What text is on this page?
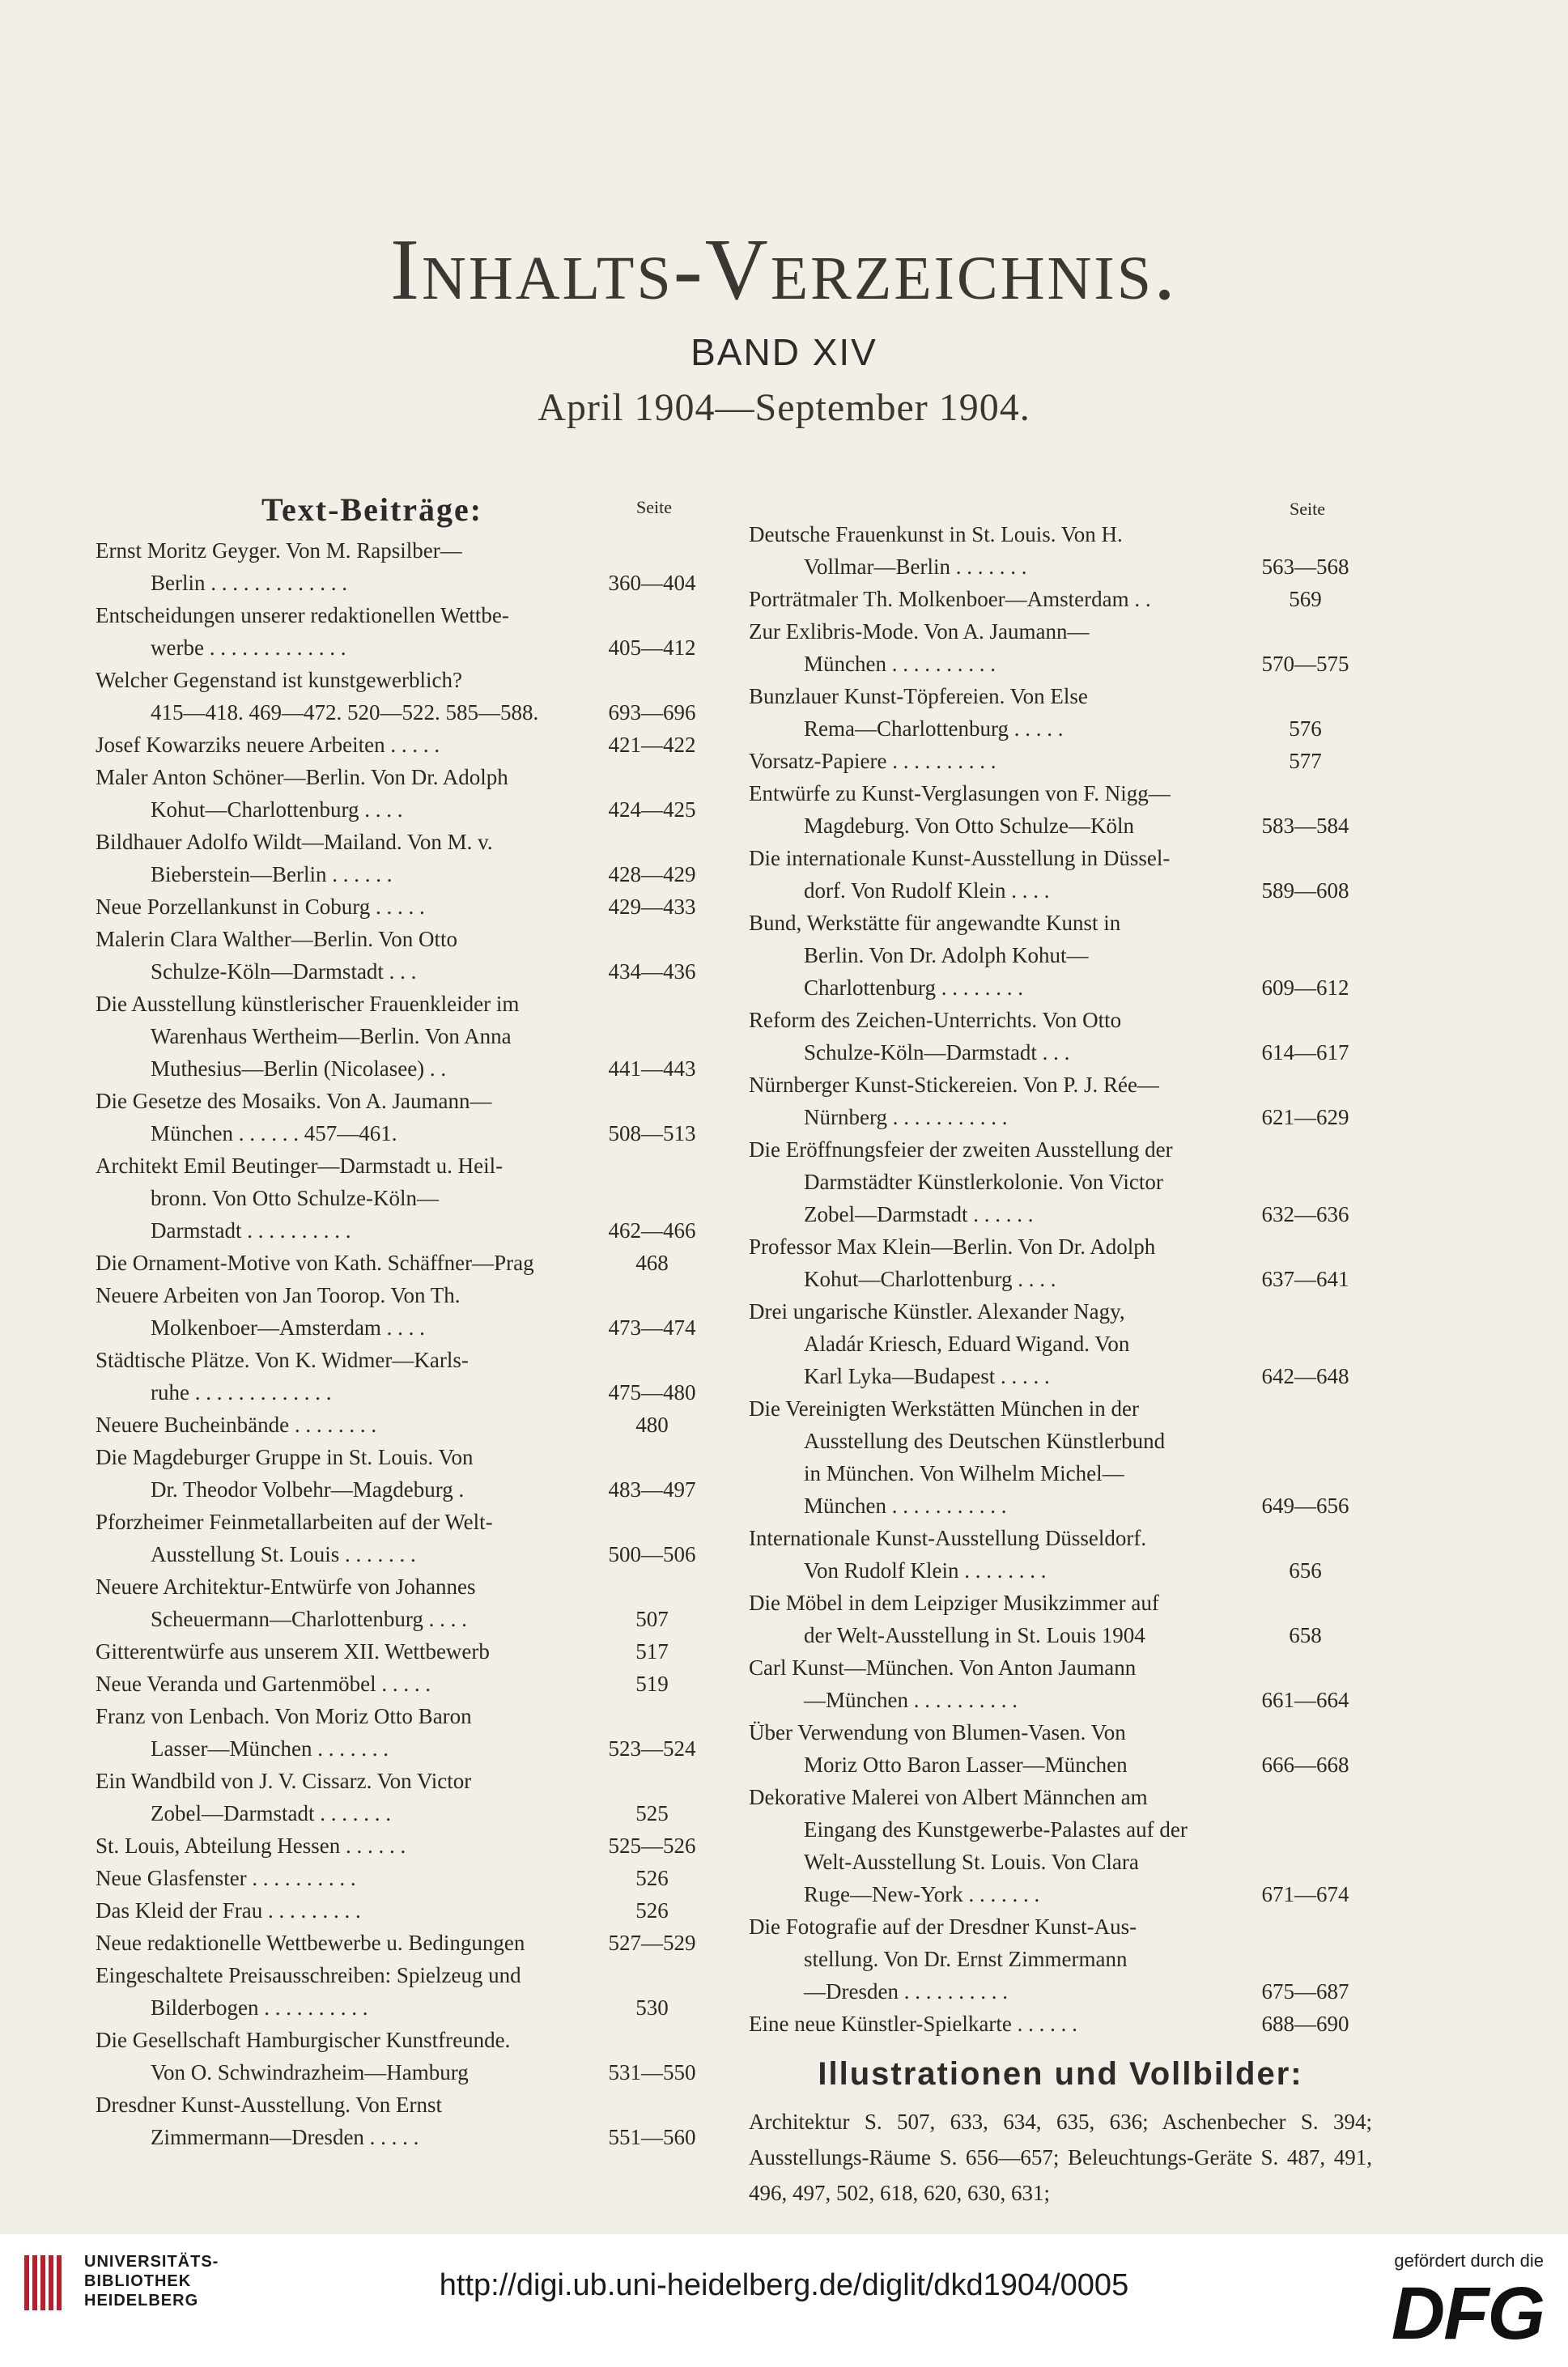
Inhalts-Verzeichnis.
BAND XIV
April 1904—September 1904.
Text-Beiträge:	Seite
Ernst Moritz Geyger. Von M. Rapsilber—
Berlin . . . . . . . . . . . . .	360—404
Entscheidungen unserer redaktionellen Wettbe-
werbe . . . . . . . . . . . . .	405—412
Welcher Gegenstand ist kunstgewerblich?
415—418. 469—472. 520—522. 585—588.	693—696
Josef Kowarziks neuere Arbeiten . . . . .	421—422
Maler Anton Schöner—Berlin. Von Dr. Adolph
Kohut—Charlottenburg . . . .	424—425
Bildhauer Adolfo Wildt—Mailand. Von M. v.
Bieberstein—Berlin . . . . . .	428—429
Neue Porzellankunst in Coburg . . . . .	429—433
Malerin Clara Walther—Berlin. Von Otto
Schulze-Köln—Darmstadt . . .	434—436
Die Ausstellung künstlerischer Frauenkleider im
Warenhaus Wertheim—Berlin. Von Anna
Muthesius—Berlin (Nicolasee) . .	441—443
Die Gesetze des Mosaiks. Von A. Jaumann—
München . . . . . . 457—461.	508—513
Architekt Emil Beutinger—Darmstadt u. Heil-
bronn. Von Otto Schulze-Köln—
Darmstadt . . . . . . . . . .	462—466
Die Ornament-Motive von Kath. Schäffner—Prag	468
Neuere Arbeiten von Jan Toorop. Von Th.
Molkenboer—Amsterdam . . . .	473—474
Städtische Plätze. Von K. Widmer—Karls-
ruhe . . . . . . . . . . . . .	475—480
Neuere Bucheinbände . . . . . . . .	480
Die Magdeburger Gruppe in St. Louis. Von
Dr. Theodor Volbehr—Magdeburg .	483—497
Pforzheimer Feinmetallarbeiten auf der Welt-
Ausstellung St. Louis . . . . . . .	500—506
Neuere Architektur-Entwürfe von Johannes
Scheuermann—Charlottenburg . . . .	507
Gitterentwürfe aus unserem XII. Wettbewerb	517
Neue Veranda und Gartenmöbel . . . . .	519
Franz von Lenbach. Von Moriz Otto Baron
Lasser—München . . . . . . .	523—524
Ein Wandbild von J. V. Cissarz. Von Victor
Zobel—Darmstadt . . . . . . .	525
St. Louis, Abteilung Hessen . . . . . .	525—526
Neue Glasfenster . . . . . . . . . .	526
Das Kleid der Frau . . . . . . . . .	526
Neue redaktionelle Wettbewerbe u. Bedingungen	527—529
Eingeschaltete Preisausschreiben: Spielzeug und
Bilderbogen . . . . . . . . . .	530
Die Gesellschaft Hamburgischer Kunstfreunde.
Von O. Schwindrazheim—Hamburg	531—550
Dresdner Kunst-Ausstellung. Von Ernst
Zimmermann—Dresden . . . . .	551—560
Seite
Deutsche Frauenkunst in St. Louis. Von H.
Vollmar—Berlin . . . . . . .	563—568
Porträtmaler Th. Molkenboer—Amsterdam . .	569
Zur Exlibris-Mode. Von A. Jaumann—
München . . . . . . . . . .	570—575
Bunzlauer Kunst-Töpfereien. Von Else
Rema—Charlottenburg . . . . .	576
Vorsatz-Papiere . . . . . . . . . .	577
Entwürfe zu Kunst-Verglasungen von F. Nigg—
Magdeburg. Von Otto Schulze—Köln	583—584
Die internationale Kunst-Ausstellung in Düssel-
dorf. Von Rudolf Klein . . . .	589—608
Bund, Werkstätte für angewandte Kunst in
Berlin. Von Dr. Adolph Kohut—
Charlottenburg . . . . . . . .	609—612
Reform des Zeichen-Unterrichts. Von Otto
Schulze-Köln—Darmstadt . . .	614—617
Nürnberger Kunst-Stickereien. Von P. J. Rée—
Nürnberg . . . . . . . . . . .	621—629
Die Eröffnungsfeier der zweiten Ausstellung der
Darmstädter Künstlerkolonie. Von Victor
Zobel—Darmstadt . . . . . .	632—636
Professor Max Klein—Berlin. Von Dr. Adolph
Kohut—Charlottenburg . . . .	637—641
Drei ungarische Künstler. Alexander Nagy,
Aladár Kriesch, Eduard Wigand. Von
Karl Lyka—Budapest . . . . .	642—648
Die Vereinigten Werkstätten München in der
Ausstellung des Deutschen Künstlerbund
in München. Von Wilhelm Michel—
München . . . . . . . . . . .	649—656
Internationale Kunst-Ausstellung Düsseldorf.
Von Rudolf Klein . . . . . . . .	656
Die Möbel in dem Leipziger Musikzimmer auf
der Welt-Ausstellung in St. Louis 1904	658
Carl Kunst—München. Von Anton Jaumann
—München . . . . . . . . . .	661—664
Über Verwendung von Blumen-Vasen. Von
Moriz Otto Baron Lasser—München	666—668
Dekorative Malerei von Albert Männchen am
Eingang des Kunstgewerbe-Palastes auf der
Welt-Ausstellung St. Louis. Von Clara
Ruge—New-York . . . . . . .	671—674
Die Fotografie auf der Dresdner Kunst-Aus-
stellung. Von Dr. Ernst Zimmermann
—Dresden . . . . . . . . . .	675—687
Eine neue Künstler-Spielkarte . . . . . .	688—690
Illustrationen und Vollbilder:
Architektur S. 507, 633, 634, 635, 636; Aschenbecher S. 394; Ausstellungs-Räume S. 656—657; Beleuchtungs-Geräte S. 487, 491, 496, 497, 502, 618, 620, 630, 631;
UNIVERSITÄTS-
BIBLIOTHEK
HEIDELBERG	http://digi.ub.uni-heidelberg.de/diglit/dkd1904/0005
gefördert durch die
DFG
